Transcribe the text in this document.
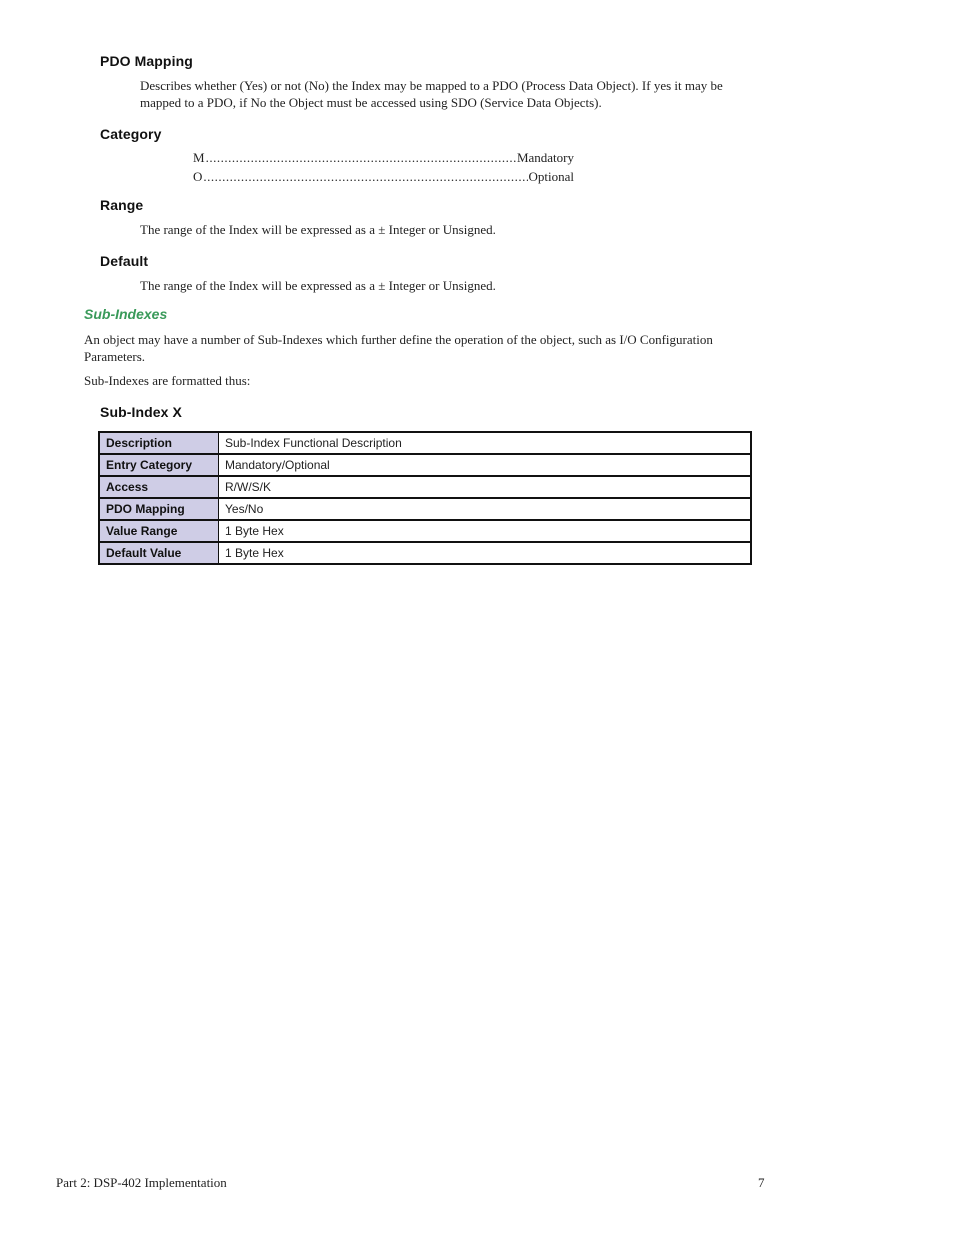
PDO Mapping
Describes whether (Yes) or not (No) the Index may be mapped to a PDO (Process Data Object). If yes it may be
mapped to a PDO, if No the Object must be accessed using SDO (Service Data Objects).
Category
M .....	Mandatory
O .....	Optional
Range
The range of the Index will be expressed as a ± Integer or Unsigned.
Default
The range of the Index will be expressed as a ± Integer or Unsigned.
Sub-Indexes
An object may have a number of Sub-Indexes which further define the operation of the object, such as I/O Configuration
Parameters.
Sub-Indexes are formatted thus:
Sub-Index X
Description	Sub-Index Functional Description
Entry Category	Mandatory/Optional
Access	R/W/S/K
PDO Mapping	Yes/No
Value Range	1 Byte Hex
Default Value	1 Byte Hex
Part 2: DSP-402 Implementation	7
